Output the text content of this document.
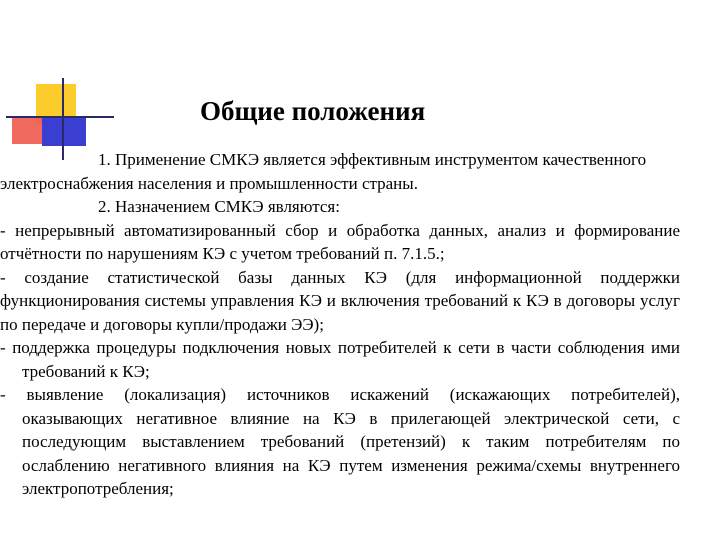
Общие положения

1. Применение СМКЭ является эффективным инструментом качественного электроснабжения населения и промышленности страны.

2. Назначением СМКЭ являются:

- непрерывный автоматизированный сбор и обработка данных, анализ и формирование отчётности по нарушениям КЭ с учетом требований п. 7.1.5.;

- создание статистической базы данных КЭ (для информационной поддержки функционирования системы управления КЭ и включения требований к КЭ в договоры услуг по передаче и договоры купли/продажи ЭЭ);

- поддержка процедуры подключения новых потребителей к сети в части соблюдения ими требований к КЭ;

- выявление (локализация) источников искажений (искажающих потребителей), оказывающих негативное влияние на КЭ в прилегающей электрической сети, с последующим выставлением требований (претензий) к таким потребителям по ослаблению негативного влияния на КЭ путем изменения режима/схемы внутреннего электропотребления;
